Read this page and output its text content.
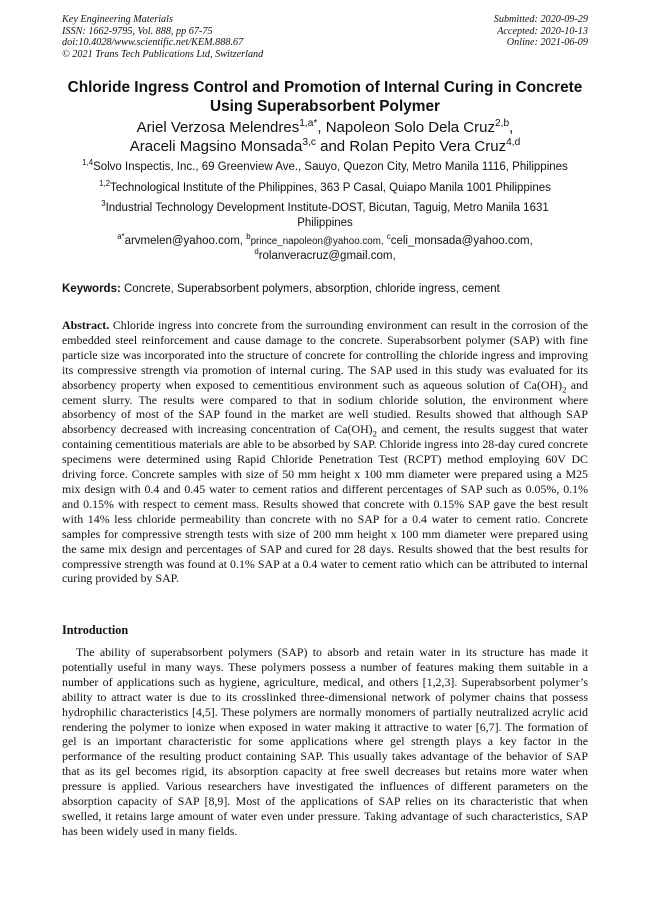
Key Engineering Materials
ISSN: 1662-9795, Vol. 888, pp 67-75
doi:10.4028/www.scientific.net/KEM.888.67
© 2021 Trans Tech Publications Ltd, Switzerland
Submitted: 2020-09-29
Accepted: 2020-10-13
Online: 2021-06-09
Chloride Ingress Control and Promotion of Internal Curing in Concrete
Using Superabsorbent Polymer
Ariel Verzosa Melendres$^{1,a*}$, Napoleon Solo Dela Cruz$^{2,b}$,
Araceli Magsino Monsada$^{3,c}$ and Rolan Pepito Vera Cruz$^{4,d}$
$^{1,4}$Solvo Inspectis, Inc., 69 Greenview Ave., Sauyo, Quezon City, Metro Manila 1116, Philippines
$^{1,2}$Technological Institute of the Philippines, 363 P Casal, Quiapo Manila 1001 Philippines
$^3$Industrial Technology Development Institute-DOST, Bicutan, Taguig, Metro Manila 1631
Philippines
$^{a*}$arvmelen@yahoo.com, $^b$prince_napoleon@yahoo.com, $^c$celi_monsada@yahoo.com,
$^d$rolanveracruz@gmail.com,
Keywords: Concrete, Superabsorbent polymers, absorption, chloride ingress, cement
Abstract. Chloride ingress into concrete from the surrounding environment can result in the corrosion of the embedded steel reinforcement and cause damage to the concrete. Superabsorbent polymer (SAP) with fine particle size was incorporated into the structure of concrete for controlling the chloride ingress and improving its compressive strength via promotion of internal curing. The SAP used in this study was evaluated for its absorbency property when exposed to cementitious environment such as aqueous solution of $Ca(OH)_2$ and cement slurry. The results were compared to that in sodium chloride solution, the environment where absorbency of most of the SAP found in the market are well studied. Results showed that although SAP absorbency decreased with increasing concentration of $Ca(OH)_2$ and cement, the results suggest that water containing cementitious materials are able to be absorbed by SAP. Chloride ingress into 28-day cured concrete specimens were determined using Rapid Chloride Penetration Test (RCPT) method employing 60V DC driving force. Concrete samples with size of 50 mm height x 100 mm diameter were prepared using a M25 mix design with 0.4 and 0.45 water to cement ratios and different percentages of SAP such as 0.05%, 0.1% and 0.15% with respect to cement mass. Results showed that concrete with 0.15% SAP gave the best result with 14% less chloride permeability than concrete with no SAP for a 0.4 water to cement ratio. Concrete samples for compressive strength tests with size of 200 mm height x 100 mm diameter were prepared using the same mix design and percentages of SAP and cured for 28 days. Results showed that the best results for compressive strength was found at 0.1% SAP at a 0.4 water to cement ratio which can be attributed to internal curing provided by SAP.
Introduction
The ability of superabsorbent polymers (SAP) to absorb and retain water in its structure has made it potentially useful in many ways. These polymers possess a number of features making them suitable in a number of applications such as hygiene, agriculture, medical, and others [1,2,3]. Superabsorbent polymer’s ability to attract water is due to its crosslinked three-dimensional network of polymer chains that possess hydrophilic characteristics [4,5]. These polymers are normally monomers of partially neutralized acrylic acid rendering the polymer to ionize when exposed in water making it attractive to water [6,7]. The formation of gel is an important characteristic for some applications where gel strength plays a key factor in the performance of the resulting product containing SAP. This usually takes advantage of the behavior of SAP that as its gel becomes rigid, its absorption capacity at free swell decreases but retains more water when pressure is applied. Various researchers have investigated the influences of different parameters on the absorption capacity of SAP [8,9]. Most of the applications of SAP relies on its characteristic that when swelled, it retains large amount of water even under pressure. Taking advantage of such characteristics, SAP has been widely used in many fields.
